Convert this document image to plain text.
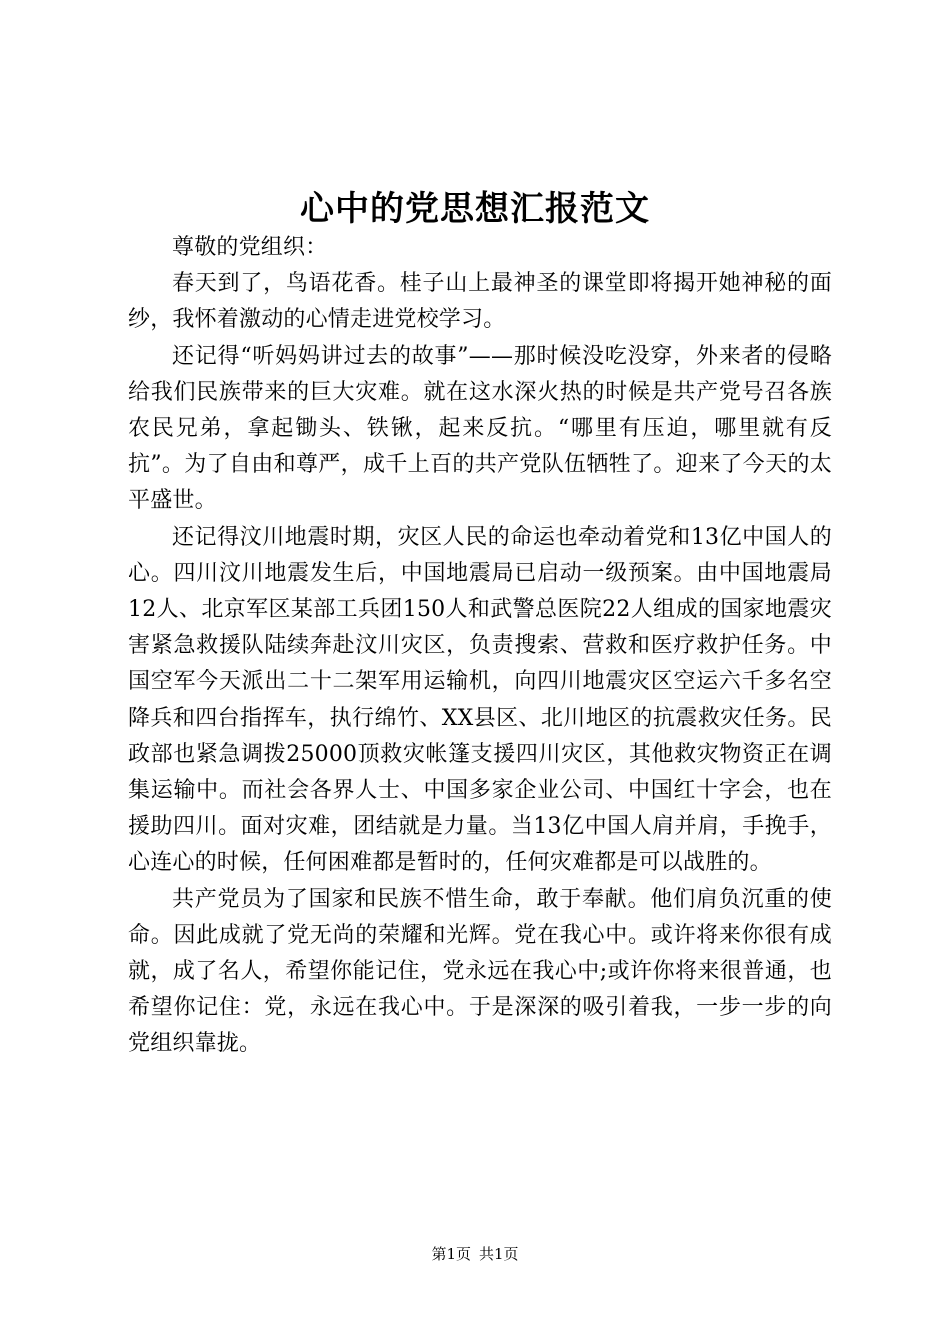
心中的党思想汇报范文

尊敬的党组织：

春天到了，鸟语花香。桂子山上最神圣的课堂即将揭开她神秘的面纱，我怀着激动的心情走进党校学习。

还记得“听妈妈讲过去的故事”——那时候没吃没穿，外来者的侵略给我们民族带来的巨大灾难。就在这水深火热的时候是共产党号召各族农民兄弟，拿起锄头、铁锹，起来反抗。“哪里有压迫，哪里就有反抗”。为了自由和尊严，成千上百的共产党队伍牺牲了。迎来了今天的太平盛世。

还记得汶川地震时期，灾区人民的命运也牵动着党和13亿中国人的心。四川汶川地震发生后，中国地震局已启动一级预案。由中国地震局12人、北京军区某部工兵团150人和武警总医院22人组成的国家地震灾害紧急救援队陆续奔赴汶川灾区，负责搜索、营救和医疗救护任务。中国空军今天派出二十二架军用运输机，向四川地震灾区空运六千多名空降兵和四台指挥车，执行绵竹、XX县区、北川地区的抗震救灾任务。民政部也紧急调拨25000顶救灾帐篷支援四川灾区，其他救灾物资正在调集运输中。而社会各界人士、中国多家企业公司、中国红十字会，也在援助四川。面对灾难，团结就是力量。当13亿中国人肩并肩，手挽手，心连心的时候，任何困难都是暂时的，任何灾难都是可以战胜的。

共产党员为了国家和民族不惜生命，敢于奉献。他们肩负沉重的使命。因此成就了党无尚的荣耀和光辉。党在我心中。或许将来你很有成就，成了名人，希望你能记住，党永远在我心中;或许你将来很普通，也希望你记住：党，永远在我心中。于是深深的吸引着我，一步一步的向党组织靠拢。

第1页 共1页
